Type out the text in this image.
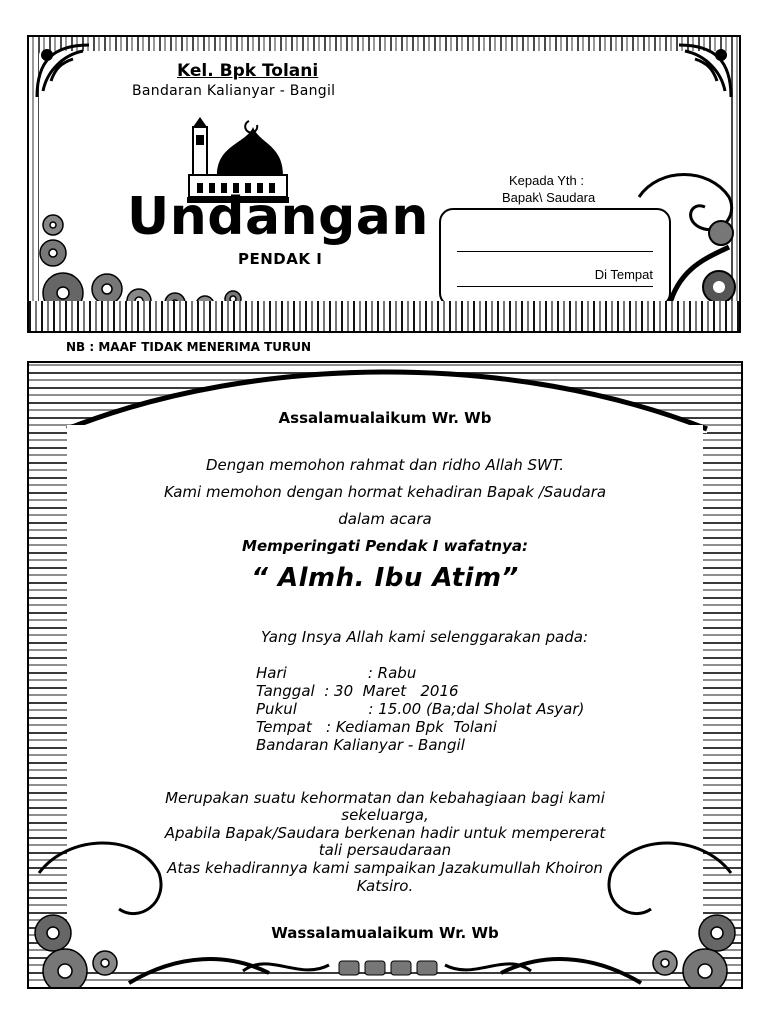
Kel. Bpk Tolani
Bandaran Kalianyar - Bangil
Undangan
PENDAK I
Kepada Yth :
Bapak\ Saudara
Di Tempat
NB : MAAF TIDAK MENERIMA TURUN
Assalamualaikum Wr. Wb
Dengan memohon rahmat dan ridho Allah SWT.
Kami memohon dengan hormat kehadiran Bapak /Saudara
dalam acara
Memperingati Pendak I wafatnya:
“ Almh. Ibu Atim”
Yang Insya Allah kami selenggarakan pada:
Hari                 : Rabu
Tanggal  : 30  Maret   2016
Pukul               : 15.00 (Ba;dal Sholat Asyar)
Tempat   : Kediaman Bpk  Tolani
Bandaran Kalianyar - Bangil
Merupakan suatu kehormatan dan kebahagiaan bagi kami
sekeluarga,
Apabila Bapak/Saudara berkenan hadir untuk mempererat
tali persaudaraan
Atas kehadirannya kami sampaikan Jazakumullah Khoiron
Katsiro.
Wassalamualaikum Wr. Wb
